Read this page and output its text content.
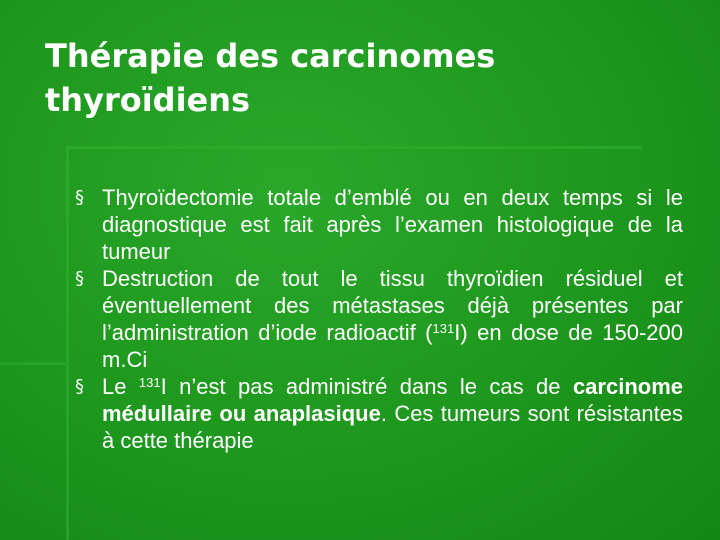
Thérapie des carcinomes
thyroïdiens
§ Thyroïdectomie totale d’emblé ou en deux temps si le diagnostique est fait après l’examen histologique de la tumeur
§ Destruction de tout le tissu thyroïdien résiduel et éventuellement des métastases déjà présentes par l’administration d’iode radioactif ($^{131}$I) en dose de 150-200 m.Ci
§ Le $^{131}$I n’est pas administré dans le cas de carcinome médullaire ou anaplasique. Ces tumeurs sont résistantes à cette thérapie
